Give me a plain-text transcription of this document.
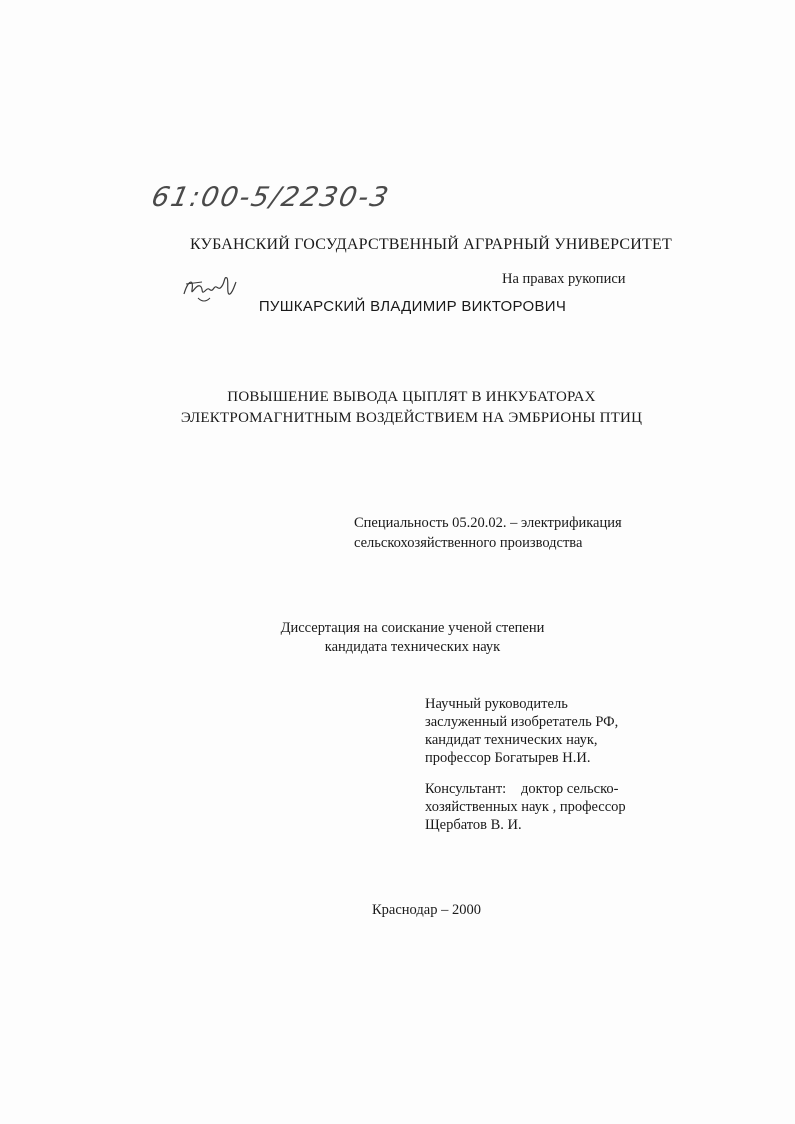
61:00-5/2230-3
КУБАНСКИЙ ГОСУДАРСТВЕННЫЙ АГРАРНЫЙ УНИВЕРСИТЕТ
На правах рукописи
ПУШКАРСКИЙ ВЛАДИМИР ВИКТОРОВИЧ
ПОВЫШЕНИЕ ВЫВОДА ЦЫПЛЯТ В ИНКУБАТОРАХ
ЭЛЕКТРОМАГНИТНЫМ ВОЗДЕЙСТВИЕМ НА ЭМБРИОНЫ ПТИЦ
Специальность 05.20.02. – электрификация
сельскохозяйственного производства
Диссертация на соискание ученой степени
кандидата технических наук
Научный руководитель
заслуженный изобретатель РФ,
кандидат технических наук,
профессор Богатырев Н.И.
Консультант: доктор сельско-
хозяйственных наук , профессор
Щербатов В. И.
Краснодар – 2000
